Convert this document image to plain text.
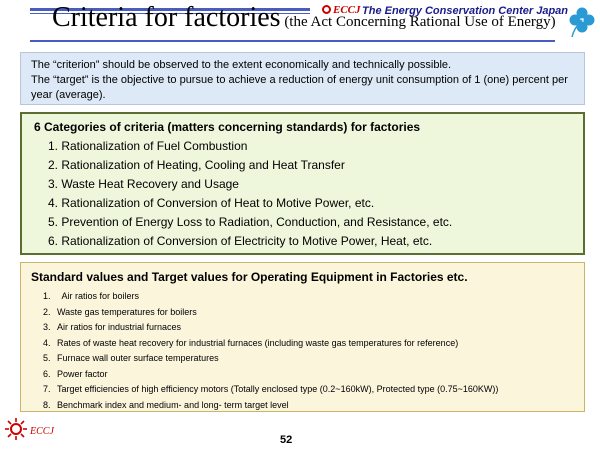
Criteria for factories (the Act Concerning Rational Use of Energy)
ECCJ The Energy Conservation Center Japan
The “criterion” should be observed to the extent economically and technically possible.
The “target” is the objective to pursue to achieve a reduction of energy unit consumption of 1 (one) percent per year (average).
6 Categories of criteria (matters concerning standards) for factories
1. Rationalization of Fuel Combustion
2. Rationalization of Heating, Cooling and Heat Transfer
3. Waste Heat Recovery and Usage
4. Rationalization of Conversion of Heat to Motive Power, etc.
5. Prevention of Energy Loss to Radiation, Conduction, and Resistance, etc.
6. Rationalization of Conversion of Electricity to Motive Power, Heat, etc.
Standard values and Target values for Operating Equipment in Factories etc.
1.  Air ratios for boilers
2. Waste gas temperatures for boilers
3. Air ratios for industrial furnaces
4. Rates of waste heat recovery for industrial furnaces (including waste gas temperatures for reference)
5. Furnace wall outer surface temperatures
6. Power factor
7. Target efficiencies of high efficiency motors (Totally enclosed type (0.2~160kW), Protected type (0.75~160KW))
8. Benchmark index and medium- and long- term target level
ECCJ
52
